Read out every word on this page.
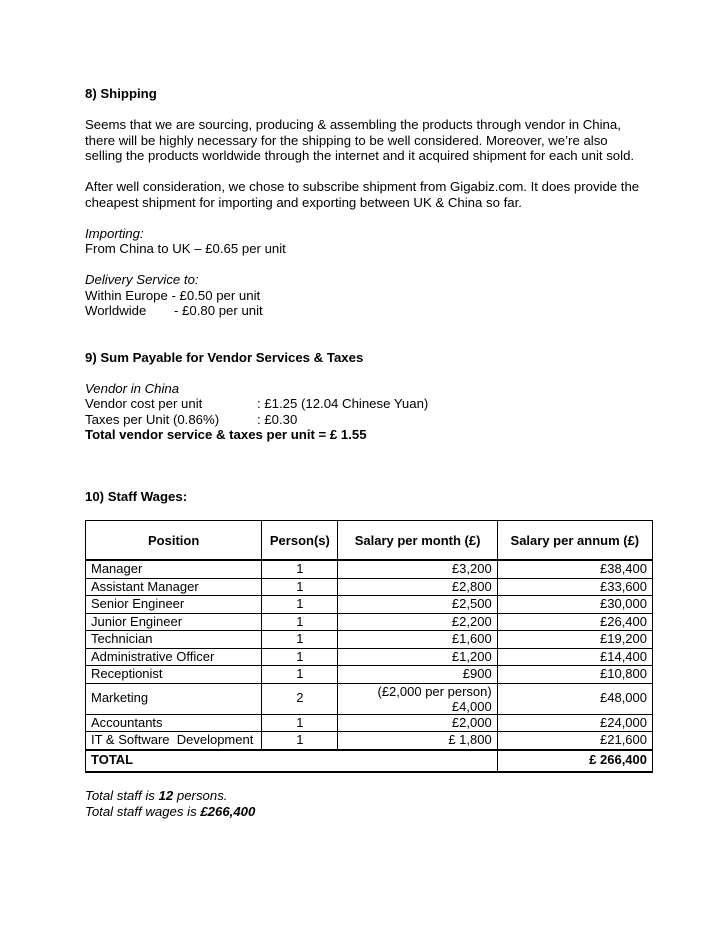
8) Shipping
Seems that we are sourcing, producing & assembling the products through vendor in China,
there will be highly necessary for the shipping to be well considered. Moreover, we’re also
selling the products worldwide through the internet and it acquired shipment for each unit sold.
After well consideration, we chose to subscribe shipment from Gigabiz.com. It does provide the
cheapest shipment for importing and exporting between UK & China so far.
Importing:
From China to UK – £0.65 per unit
Delivery Service to:
Within Europe - £0.50 per unit
Worldwide - £0.80 per unit
9) Sum Payable for Vendor Services & Taxes
Vendor in China
Vendor cost per unit	: £1.25 (12.04 Chinese Yuan)
Taxes per Unit (0.86%)	: £0.30
Total vendor service & taxes per unit = £ 1.55
10) Staff Wages:
Position	Person(s)	Salary per month (£)	Salary per annum (£)
Manager	1	£3,200	£38,400
Assistant Manager	1	£2,800	£33,600
Senior Engineer	1	£2,500	£30,000
Junior Engineer	1	£2,200	£26,400
Technician	1	£1,600	£19,200
Administrative Officer	1	£1,200	£14,400
Receptionist	1	£900	£10,800
Marketing	2	(£2,000 per person)
£4,000	£48,000
Accountants	1	£2,000	£24,000
IT & Software  Development	1	£ 1,800	£21,600
TOTAL			£ 266,400
Total staff is 12 persons.
Total staff wages is £266,400
